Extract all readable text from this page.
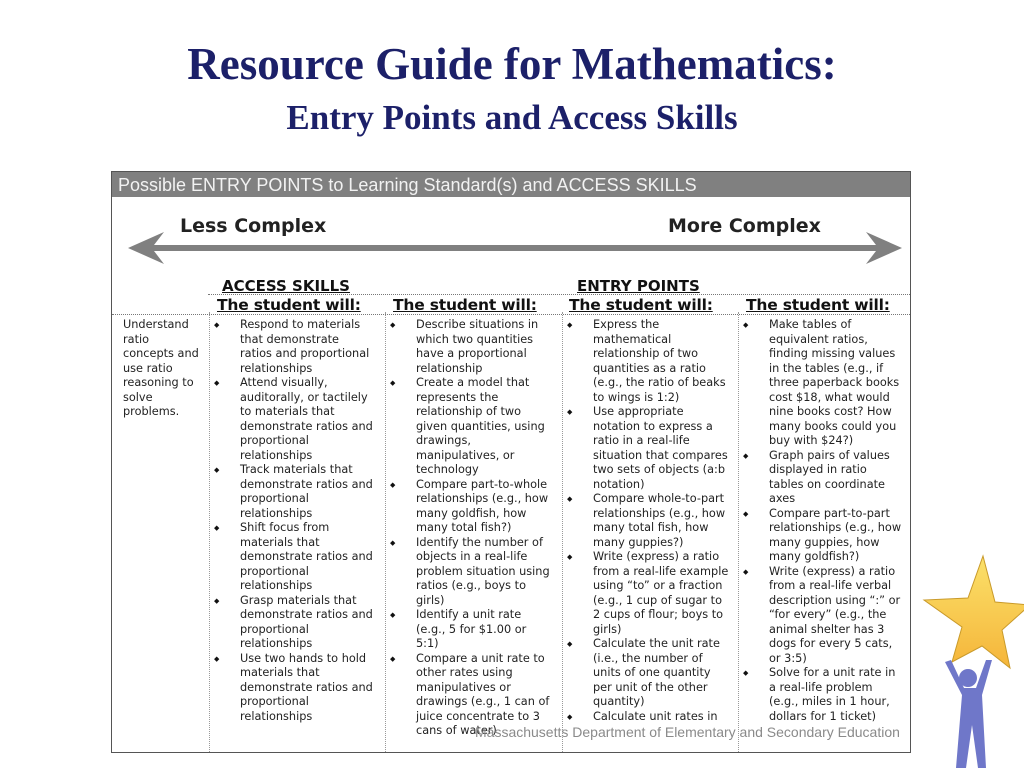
Resource Guide for Mathematics:
Entry Points and Access Skills
Possible ENTRY POINTS to Learning Standard(s) and ACCESS SKILLS
Less Complex	More Complex
ACCESS SKILLS	ENTRY POINTS
The student will: The student will: The student will: The student will:
Understand ratio concepts and use ratio reasoning to solve problems.
◆ Respond to materials that demonstrate ratios and proportional relationships
◆ Attend visually, auditorally, or tactilely to materials that demonstrate ratios and proportional relationships
◆ Track materials that demonstrate ratios and proportional relationships
◆ Shift focus from materials that demonstrate ratios and proportional relationships
◆ Grasp materials that demonstrate ratios and proportional relationships
◆ Use two hands to hold materials that demonstrate ratios and proportional relationships
◆ Describe situations in which two quantities have a proportional relationship
◆ Create a model that represents the relationship of two given quantities, using drawings, manipulatives, or technology
◆ Compare part-to-whole relationships (e.g., how many goldfish, how many total fish?)
◆ Identify the number of objects in a real-life problem situation using ratios (e.g., boys to girls)
◆ Identify a unit rate (e.g., 5 for $1.00 or 5:1)
◆ Compare a unit rate to other rates using manipulatives or drawings (e.g., 1 can of juice concentrate to 3 cans of water)
◆ Express the mathematical relationship of two quantities as a ratio (e.g., the ratio of beaks to wings is 1:2)
◆ Use appropriate notation to express a ratio in a real-life situation that compares two sets of objects (a:b notation)
◆ Compare whole-to-part relationships (e.g., how many total fish, how many guppies?)
◆ Write (express) a ratio from a real-life example using “to” or a fraction (e.g., 1 cup of sugar to 2 cups of flour; boys to girls)
◆ Calculate the unit rate (i.e., the number of units of one quantity per unit of the other quantity)
◆ Calculate unit rates in
◆ Make tables of equivalent ratios, finding missing values in the tables (e.g., if three paperback books cost $18, what would nine books cost? How many books could you buy with $24?)
◆ Graph pairs of values displayed in ratio tables on coordinate axes
◆ Compare part-to-part relationships (e.g., how many guppies, how many goldfish?)
◆ Write (express) a ratio from a real-life verbal description using “:” or “for every” (e.g., the animal shelter has 3 dogs for every 5 cats, or 3:5)
◆ Solve for a unit rate in a real-life problem (e.g., miles in 1 hour, dollars for 1 ticket)
Massachusetts Department of Elementary and Secondary Education
